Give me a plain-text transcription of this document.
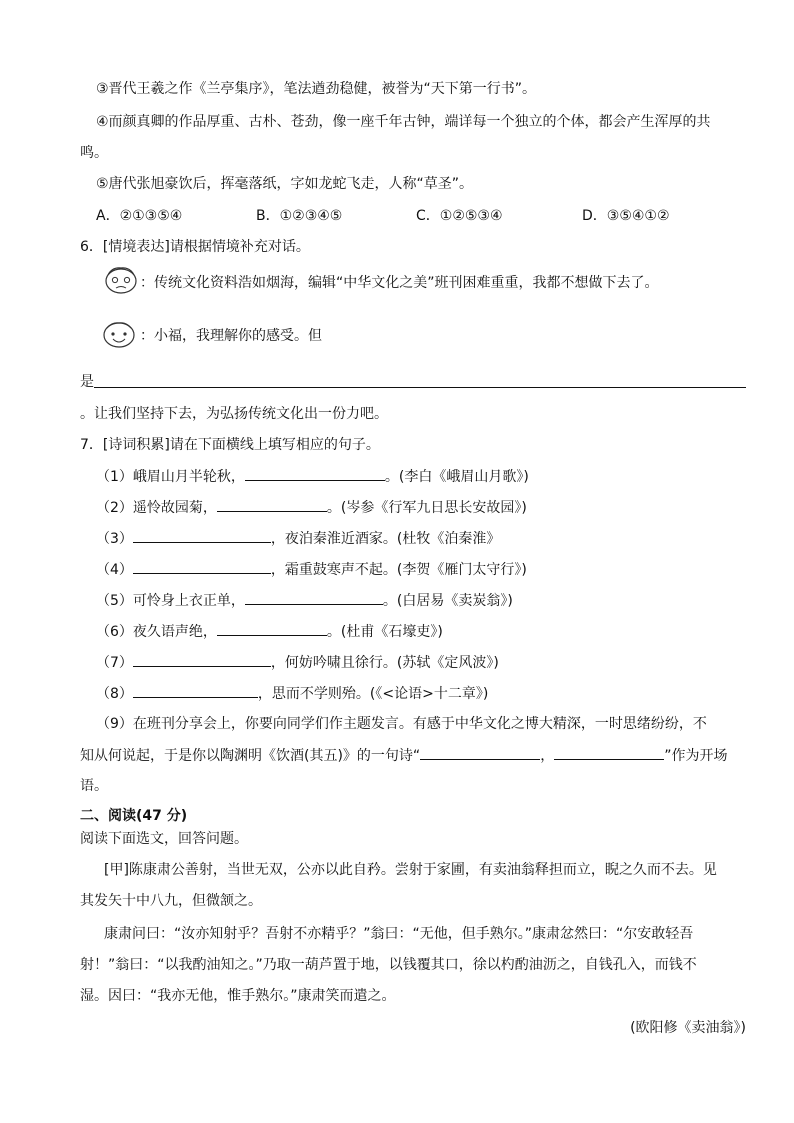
③晋代王羲之作《兰亭集序》，笔法遒劲稳健，被誉为“天下第一行书”。
④而颜真卿的作品厚重、古朴、苍劲，像一座千年古钟，端详每一个独立的个体，都会产生浑厚的共
鸣。
⑤唐代张旭豪饮后，挥毫落纸，字如龙蛇飞走，人称“草圣”。
A．②①③⑤④	B．①②③④⑤	C．①②⑤③④	D．③⑤④①②
6．[情境表达]请根据情境补充对话。
：传统文化资料浩如烟海，编辑“中华文化之美”班刊困难重重，我都不想做下去了。
：小福，我理解你的感受。但
是
。让我们坚持下去，为弘扬传统文化出一份力吧。
7．[诗词积累]请在下面横线上填写相应的句子。
（1）峨眉山月半轮秋，	。(李白《峨眉山月歌》)
（2）遥怜故园菊，	。(岑参《行军九日思长安故园》)
（3）	，夜泊秦淮近酒家。(杜牧《泊秦淮》
（4）	，霜重鼓寒声不起。(李贺《雁门太守行》)
（5）可怜身上衣正单，	。(白居易《卖炭翁》)
（6）夜久语声绝，	。(杜甫《石壕吏》)
（7）	，何妨吟啸且徐行。(苏轼《定风波》)
（8）	，思而不学则殆。(《<论语>十二章》)
（9）在班刊分享会上，你要向同学们作主题发言。有感于中华文化之博大精深，一时思绪纷纷，不
知从何说起，于是你以陶渊明《饮酒(其五)》的一句诗“	，	”作为开场
语。
二、阅读(47 分)
阅读下面选文，回答问题。
[甲]陈康肃公善射，当世无双，公亦以此自矜。尝射于家圃，有卖油翁释担而立，睨之久而不去。见
其发矢十中八九，但微颔之。
康肃问曰：“汝亦知射乎？吾射不亦精乎？”翁曰：“无他，但手熟尔。”康肃忿然曰：“尔安敢轻吾
射！”翁曰：“以我酌油知之。”乃取一葫芦置于地，以钱覆其口，徐以杓酌油沥之，自钱孔入，而钱不
湿。因曰：“我亦无他，惟手熟尔。”康肃笑而遣之。
(欧阳修《卖油翁》)
